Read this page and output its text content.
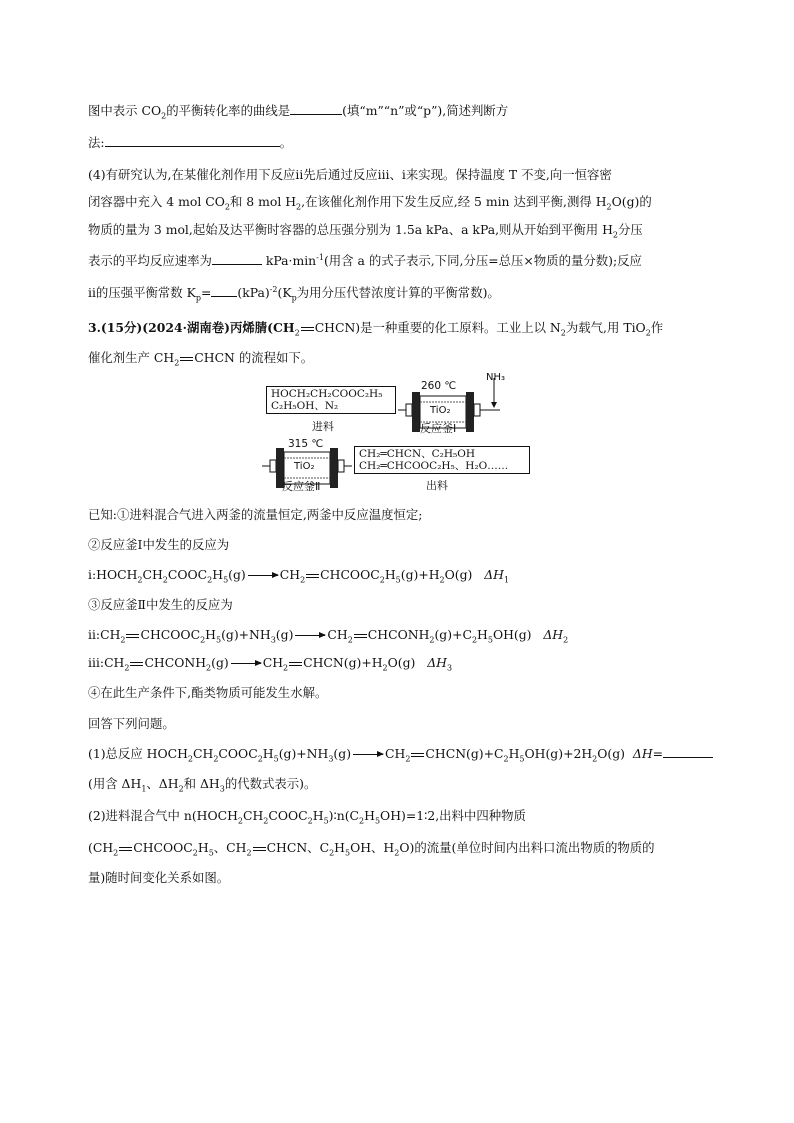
图中表示 $CO_2$的平衡转化率的曲线是	(填“m”“n”或“p”),简述判断方
法:	。
(4)有研究认为,在某催化剂作用下反应ⅱ先后通过反应ⅲ、ⅰ来实现。保持温度 T 不变,向一恒容密
闭容器中充入 4 mol $CO_2$和 8 mol $H_2$,在该催化剂作用下发生反应,经 5 min 达到平衡,测得 $H_2O(g)$的
物质的量为 3 mol,起始及达平衡时容器的总压强分别为 1.5a kPa、a kPa,则从开始到平衡用 $H_2$分压
表示的平均反应速率为	$kPa\cdot\min^{-1}$(用含 a 的式子表示,下同,分压=总压×物质的量分数);反应
ⅱ的压强平衡常数 $K_p= (kPa)^{-2}(K_p$为用分压代替浓度计算的平衡常数)。
3.(15分)(2024·湖南卷)丙烯腈($CH_2$ CHCN)是一种重要的化工原料。工业上以 $N_2$为载气,用 TiO$_2$作
催化剂生产 $CH_2$ CHCN 的流程如下。
HOCH₂CH₂COOC₂H₅
C₂H₅OH、N₂
进料
260 ℃
TiO₂
反应釜Ⅰ
NH₃
315 ℃
TiO₂
反应釜Ⅱ
CH₂═CHCN、C₂H₅OH
CH₂═CHCOOC₂H₅、H₂O……
出料
已知:①进料混合气进入两釜的流量恒定,两釜中反应温度恒定;
②反应釜Ⅰ中发生的反应为
$ⅰ:HOCH_2CH_2COOC_2H_5(g)$	$CH_2$ $CHCOOC_2H_5(g)+H_2O(g)$ $\Delta H_1$
③反应釜Ⅱ中发生的反应为
$ⅱ:CH_2$ $CHCOOC_2H_5(g)+NH_3(g)$	$CH_2$ $CHCONH_2(g)+C_2H_5OH(g)$ $\Delta H_2$
$ⅲ:CH_2$ $CHCONH_2(g)$	$CH_2$ $CHCN(g)+H_2O(g)$ $\Delta H_3$
④在此生产条件下,酯类物质可能发生水解。
回答下列问题。
(1)总反应 $HOCH_2CH_2COOC_2H_5(g)+NH_3(g)$	$CH_2$ $CHCN(g)+C_2H_5OH(g)+2H_2O(g)$ ΔH=
(用含 $\Delta H_1$、$\Delta H_2$和 $\Delta H_3$的代数式表示)。
(2)进料混合气中 $n(HOCH_2CH_2COOC_2H_5)∶n(C_2H_5OH)=1∶2$,出料中四种物质
($CH_2$ $CHCOOC_2H_5$、$CH_2$ CHCN、$C_2H_5OH$、$H_2O$)的流量(单位时间内出料口流出物质的物质的
量)随时间变化关系如图。
